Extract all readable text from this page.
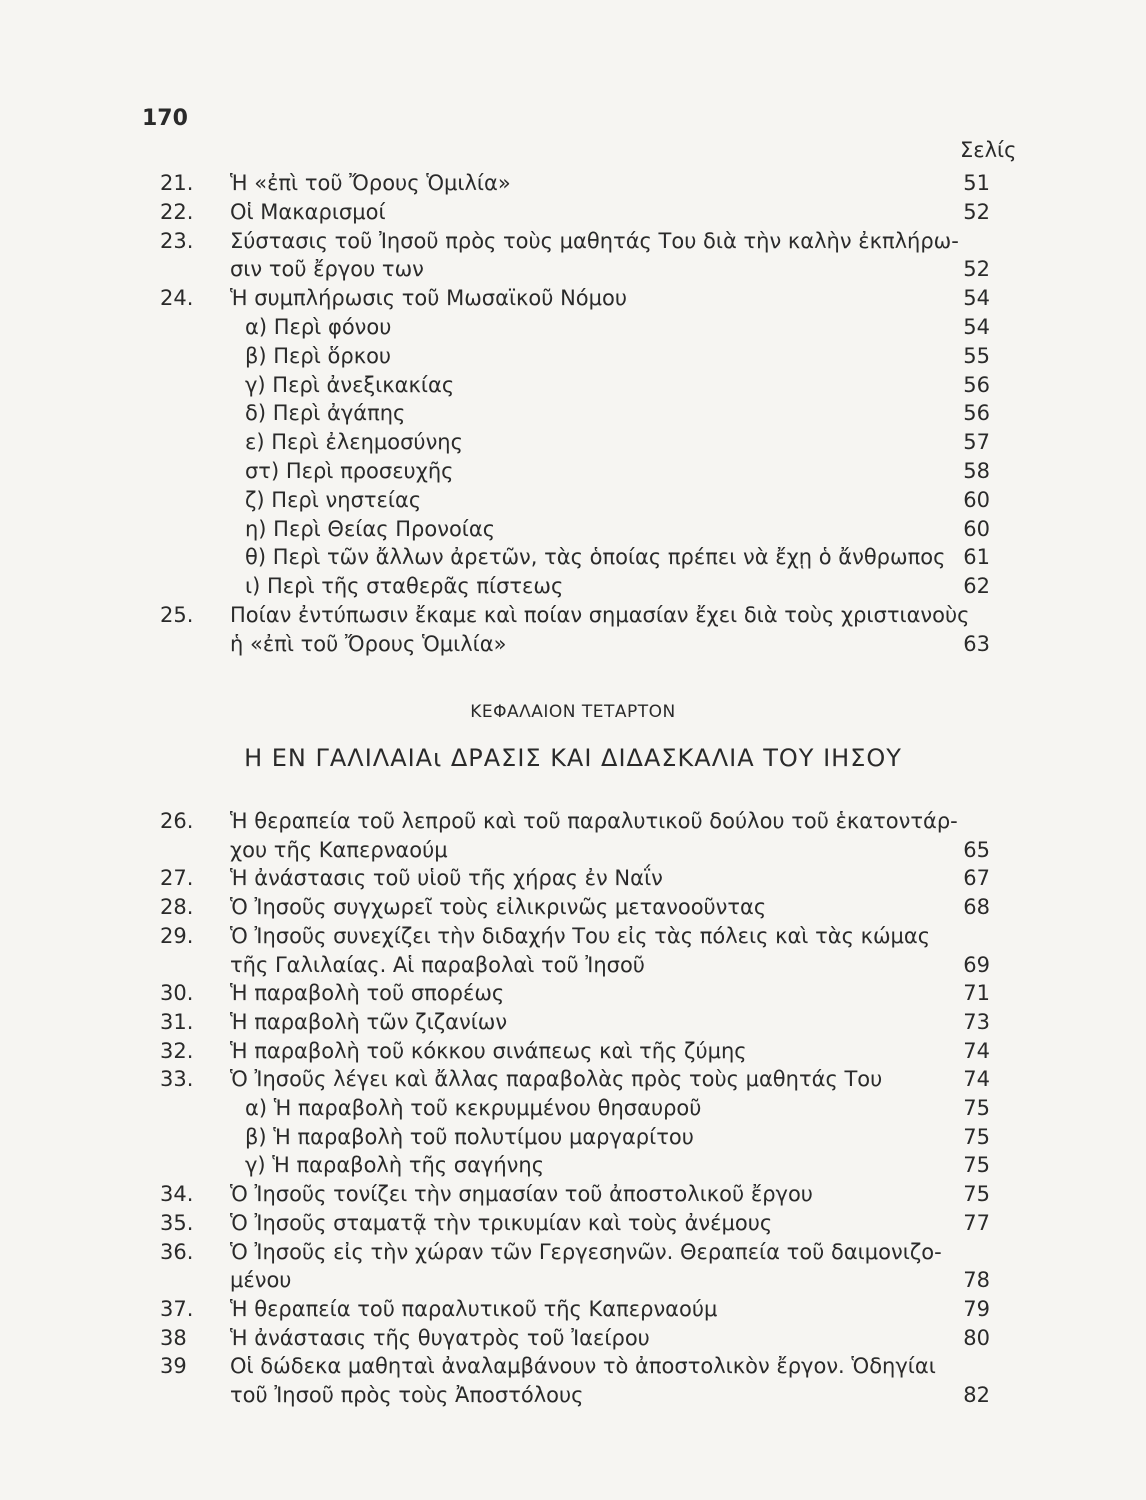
170
Σελίς
21. Ἡ «ἐπὶ τοῦ Ὄρους Ὁμιλία»	51
22. Οἱ Μακαρισμοί	52
23. Σύστασις τοῦ Ἰησοῦ πρὸς τοὺς μαθητάς Του διὰ τὴν καλὴν ἐκπλήρω-
σιν τοῦ ἔργου των	52
24. Ἡ συμπλήρωσις τοῦ Μωσαϊκοῦ Νόμου	54
α) Περὶ φόνου	54
β) Περὶ ὅρκου	55
γ) Περὶ ἀνεξικακίας	56
δ) Περὶ ἀγάπης	56
ε) Περὶ ἐλεημοσύνης	57
στ) Περὶ προσευχῆς	58
ζ) Περὶ νηστείας	60
η) Περὶ Θείας Προνοίας	60
θ) Περὶ τῶν ἄλλων ἀρετῶν, τὰς ὁποίας πρέπει νὰ ἔχῃ ὁ ἄνθρωπος 61
ι) Περὶ τῆς σταθερᾶς πίστεως	62
25. Ποίαν ἐντύπωσιν ἔκαμε καὶ ποίαν σημασίαν ἔχει διὰ τοὺς χριστιανοὺς
ἡ «ἐπὶ τοῦ Ὄρους Ὁμιλία»	63
ΚΕΦΑΛΑΙΟΝ ΤΕΤΑΡΤΟΝ
Η ΕΝ ΓΑΛΙΛΑΙΑι ΔΡΑΣΙΣ ΚΑΙ ΔΙΔΑΣΚΑΛΙΑ ΤΟΥ ΙΗΣΟΥ
26. Ἡ θεραπεία τοῦ λεπροῦ καὶ τοῦ παραλυτικοῦ δούλου τοῦ ἑκατοντάρ-
χου τῆς Καπερναούμ	65
27. Ἡ ἀνάστασις τοῦ υἱοῦ τῆς χήρας ἐν Ναΐν	67
28. Ὁ Ἰησοῦς συγχωρεῖ τοὺς εἰλικρινῶς μετανοοῦντας	68
29. Ὁ Ἰησοῦς συνεχίζει τὴν διδαχήν Του εἰς τὰς πόλεις καὶ τὰς κώμας
τῆς Γαλιλαίας. Αἱ παραβολαὶ τοῦ Ἰησοῦ	69
30. Ἡ παραβολὴ τοῦ σπορέως	71
31. Ἡ παραβολὴ τῶν ζιζανίων	73
32. Ἡ παραβολὴ τοῦ κόκκου σινάπεως καὶ τῆς ζύμης	74
33. Ὁ Ἰησοῦς λέγει καὶ ἄλλας παραβολὰς πρὸς τοὺς μαθητάς Του	74
α) Ἡ παραβολὴ τοῦ κεκρυμμένου θησαυροῦ	75
β) Ἡ παραβολὴ τοῦ πολυτίμου μαργαρίτου	75
γ) Ἡ παραβολὴ τῆς σαγήνης	75
34. Ὁ Ἰησοῦς τονίζει τὴν σημασίαν τοῦ ἀποστολικοῦ ἔργου	75
35. Ὁ Ἰησοῦς σταματᾷ τὴν τρικυμίαν καὶ τοὺς ἀνέμους	77
36. Ὁ Ἰησοῦς εἰς τὴν χώραν τῶν Γεργεσηνῶν. Θεραπεία τοῦ δαιμονιζο-
μένου	78
37. Ἡ θεραπεία τοῦ παραλυτικοῦ τῆς Καπερναούμ	79
38 Ἡ ἀνάστασις τῆς θυγατρὸς τοῦ Ἰαείρου	80
39 Οἱ δώδεκα μαθηταὶ ἀναλαμβάνουν τὸ ἀποστολικὸν ἔργον. Ὁδηγίαι
τοῦ Ἰησοῦ πρὸς τοὺς Ἀποστόλους	82
